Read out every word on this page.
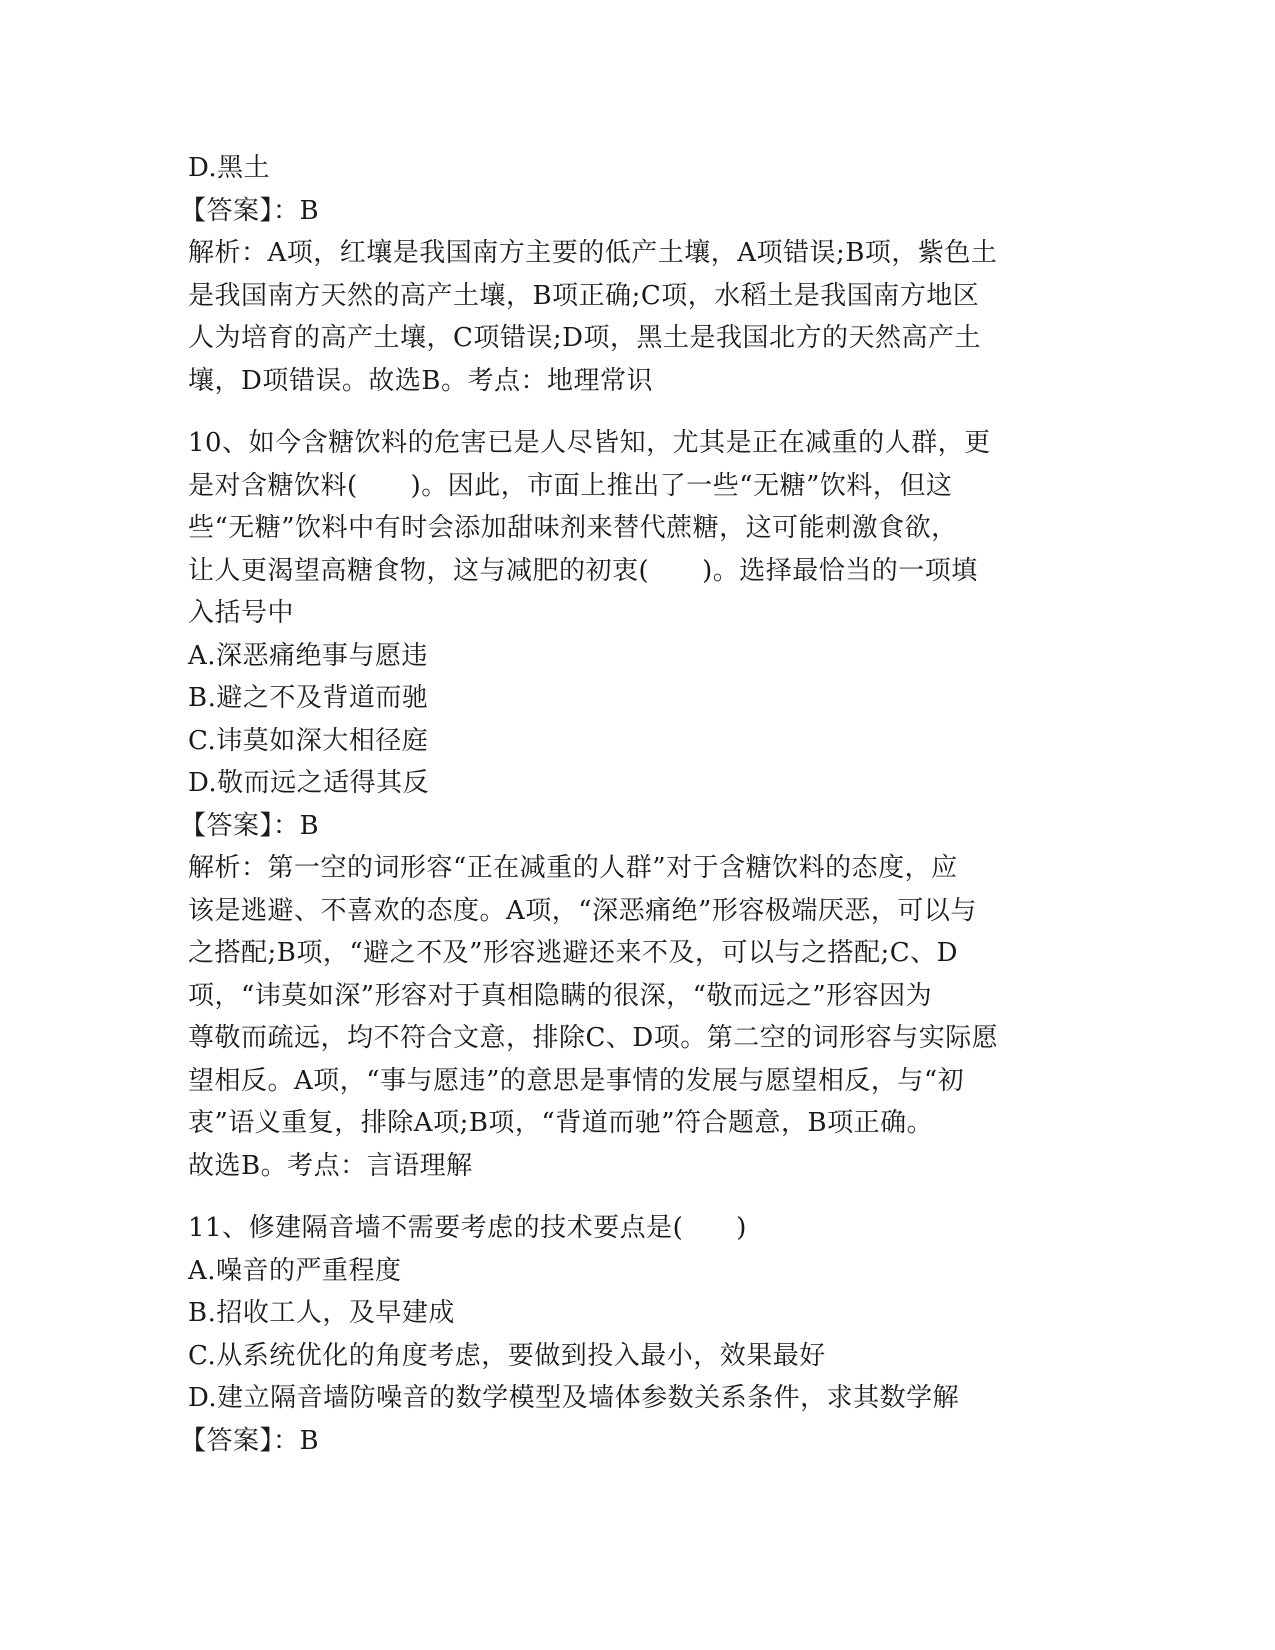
D.黑土
【答案】：B
解析：A项，红壤是我国南方主要的低产土壤，A项错误;B项，紫色土
是我国南方天然的高产土壤，B项正确;C项，水稻土是我国南方地区
人为培育的高产土壤，C项错误;D项，黑土是我国北方的天然高产土
壤，D项错误。故选B。考点：地理常识
10、如今含糖饮料的危害已是人尽皆知，尤其是正在减重的人群，更
是对含糖饮料(　　)。因此，市面上推出了一些“无糖”饮料，但这
些“无糖”饮料中有时会添加甜味剂来替代蔗糖，这可能刺激食欲，
让人更渴望高糖食物，这与减肥的初衷(　　)。选择最恰当的一项填
入括号中
A.深恶痛绝事与愿违
B.避之不及背道而驰
C.讳莫如深大相径庭
D.敬而远之适得其反
【答案】：B
解析：第一空的词形容“正在减重的人群”对于含糖饮料的态度，应
该是逃避、不喜欢的态度。A项，“深恶痛绝”形容极端厌恶，可以与
之搭配;B项，“避之不及”形容逃避还来不及，可以与之搭配;C、D
项，“讳莫如深”形容对于真相隐瞒的很深，“敬而远之”形容因为
尊敬而疏远，均不符合文意，排除C、D项。第二空的词形容与实际愿
望相反。A项，“事与愿违”的意思是事情的发展与愿望相反，与“初
衷”语义重复，排除A项;B项，“背道而驰”符合题意，B项正确。
故选B。考点：言语理解
11、修建隔音墙不需要考虑的技术要点是(　　)
A.噪音的严重程度
B.招收工人，及早建成
C.从系统优化的角度考虑，要做到投入最小，效果最好
D.建立隔音墙防噪音的数学模型及墙体参数关系条件，求其数学解
【答案】：B
